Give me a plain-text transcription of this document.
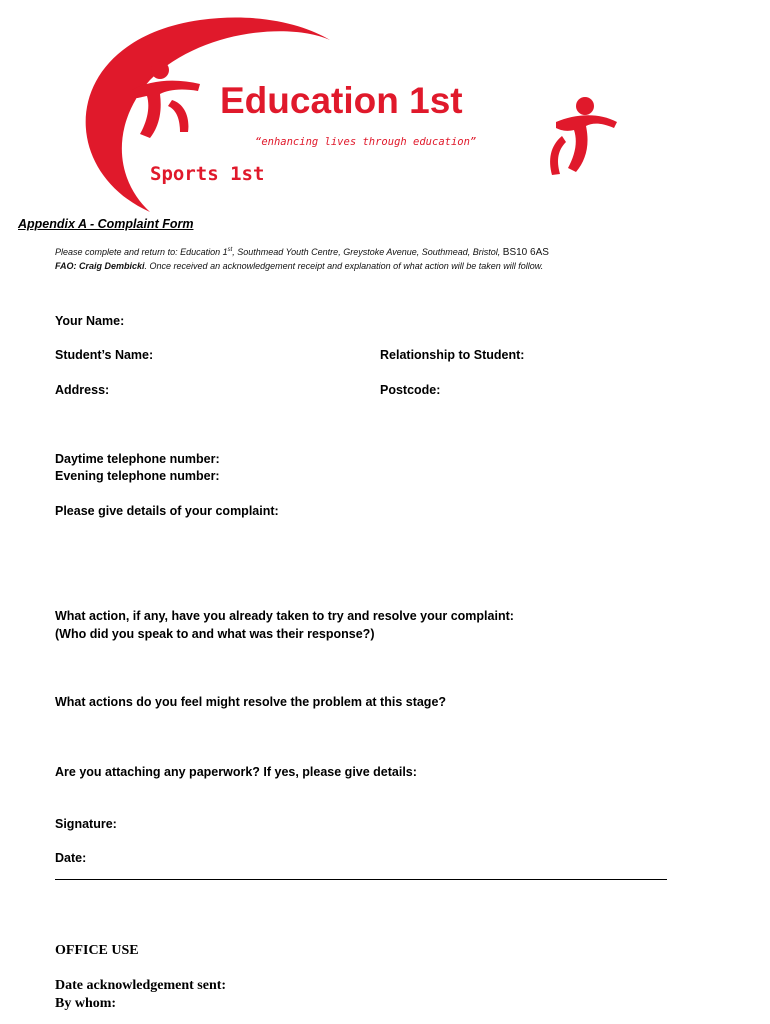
Education 1st
“enhancing lives through education”
Sports 1st
Appendix A - Complaint Form
Please complete and return to: Education 1st, Southmead Youth Centre, Greystoke Avenue, Southmead, Bristol, BS10 6AS
FAO: Craig Dembicki. Once received an acknowledgement receipt and explanation of what action will be taken will follow.
Your Name:
Student’s Name:	Relationship to Student:
Address:	Postcode:
Daytime telephone number:
Evening telephone number:
Please give details of your complaint:
What action, if any, have you already taken to try and resolve your complaint:
(Who did you speak to and what was their response?)
What actions do you feel might resolve the problem at this stage?
Are you attaching any paperwork? If yes, please give details:
Signature:
Date:
OFFICE USE
Date acknowledgement sent:
By whom:
